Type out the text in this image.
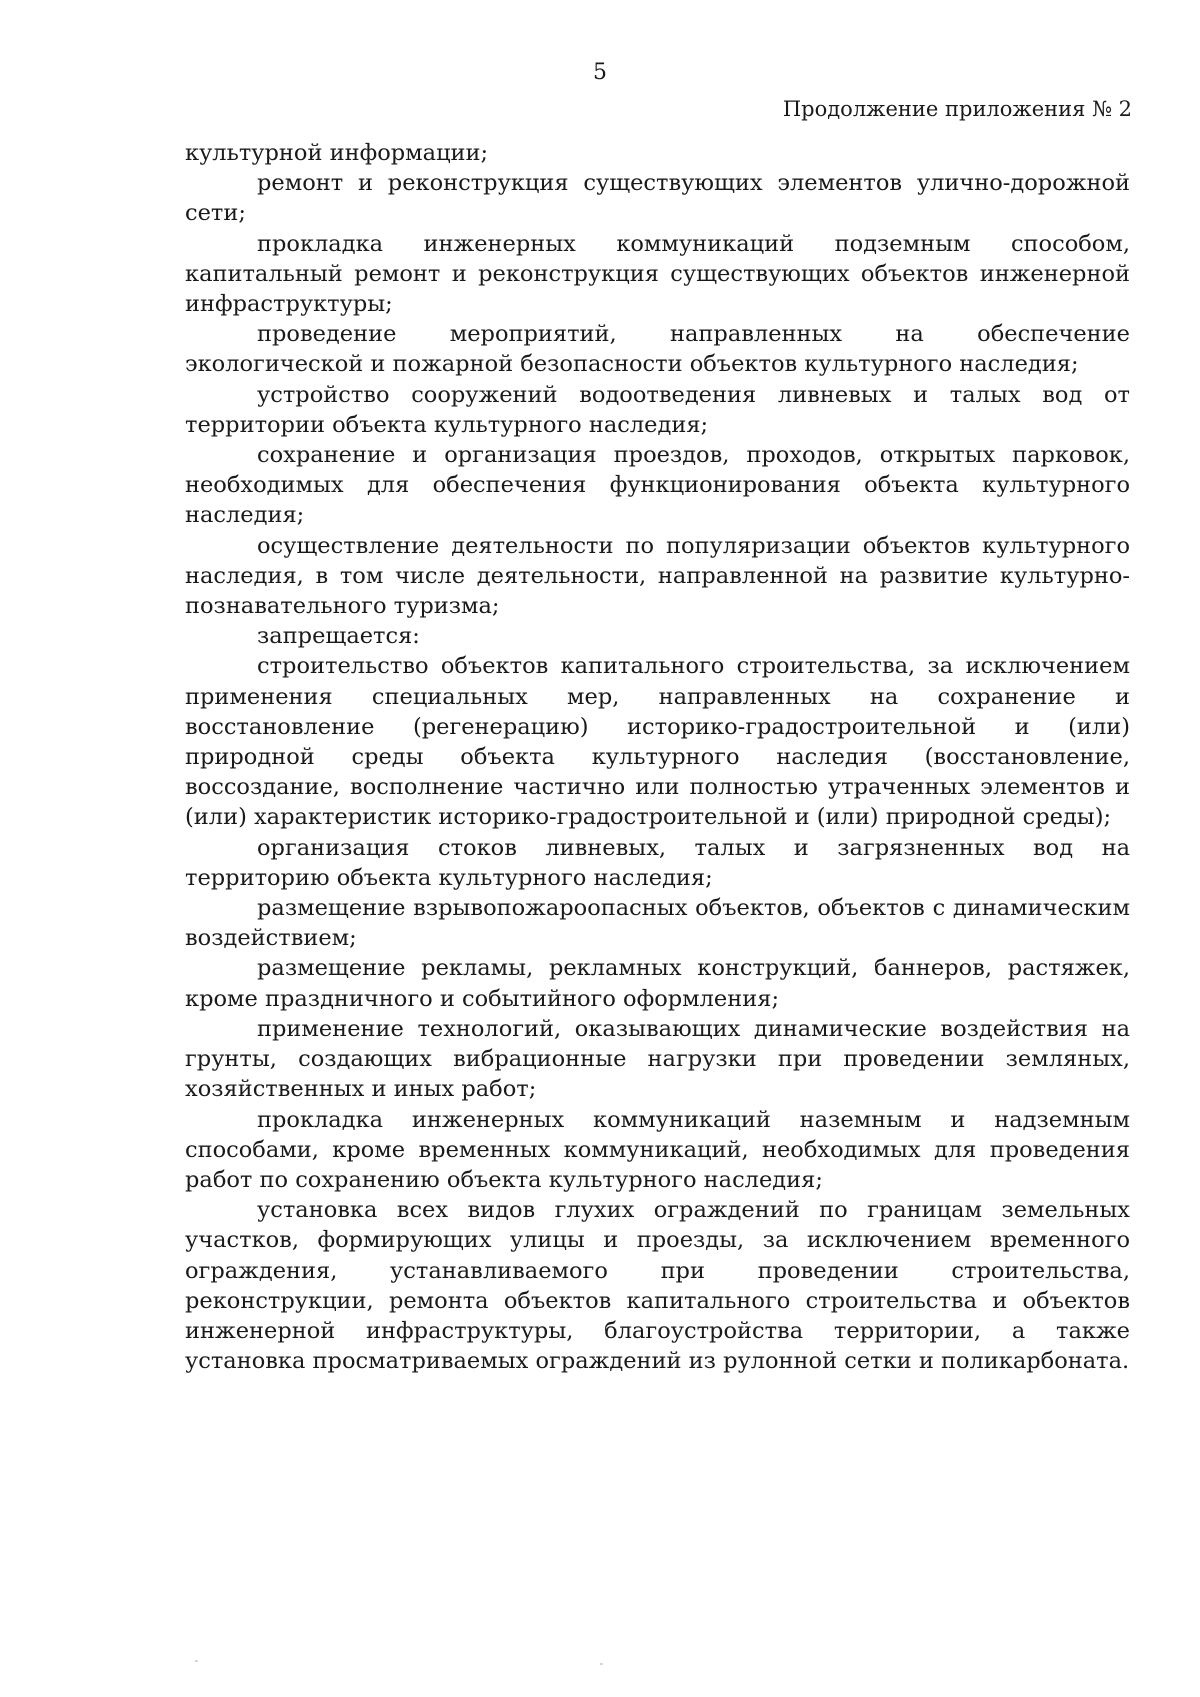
5
Продолжение приложения № 2

культурной информации;

ремонт и реконструкция существующих элементов улично-дорожной сети;

прокладка инженерных коммуникаций подземным способом, капитальный ремонт и реконструкция существующих объектов инженерной инфраструктуры;

проведение мероприятий, направленных на обеспечение экологической и пожарной безопасности объектов культурного наследия;

устройство сооружений водоотведения ливневых и талых вод от территории объекта культурного наследия;

сохранение и организация проездов, проходов, открытых парковок, необходимых для обеспечения функционирования объекта культурного наследия;

осуществление деятельности по популяризации объектов культурного наследия, в том числе деятельности, направленной на развитие культурно-познавательного туризма;

запрещается:

строительство объектов капитального строительства, за исключением применения специальных мер, направленных на сохранение и восстановление (регенерацию) историко-градостроительной и (или) природной среды объекта культурного наследия (восстановление, воссоздание, восполнение частично или полностью утраченных элементов и (или) характеристик историко-градостроительной и (или) природной среды);

организация стоков ливневых, талых и загрязненных вод на территорию объекта культурного наследия;

размещение взрывопожароопасных объектов, объектов с динамическим воздействием;

размещение рекламы, рекламных конструкций, баннеров, растяжек, кроме праздничного и событийного оформления;

применение технологий, оказывающих динамические воздействия на грунты, создающих вибрационные нагрузки при проведении земляных, хозяйственных и иных работ;

прокладка инженерных коммуникаций наземным и надземным способами, кроме временных коммуникаций, необходимых для проведения работ по сохранению объекта культурного наследия;

установка всех видов глухих ограждений по границам земельных участков, формирующих улицы и проезды, за исключением временного ограждения, устанавливаемого при проведении строительства, реконструкции, ремонта объектов капитального строительства и объектов инженерной инфраструктуры, благоустройства территории, а также установка просматриваемых ограждений из рулонной сетки и поликарбоната.
